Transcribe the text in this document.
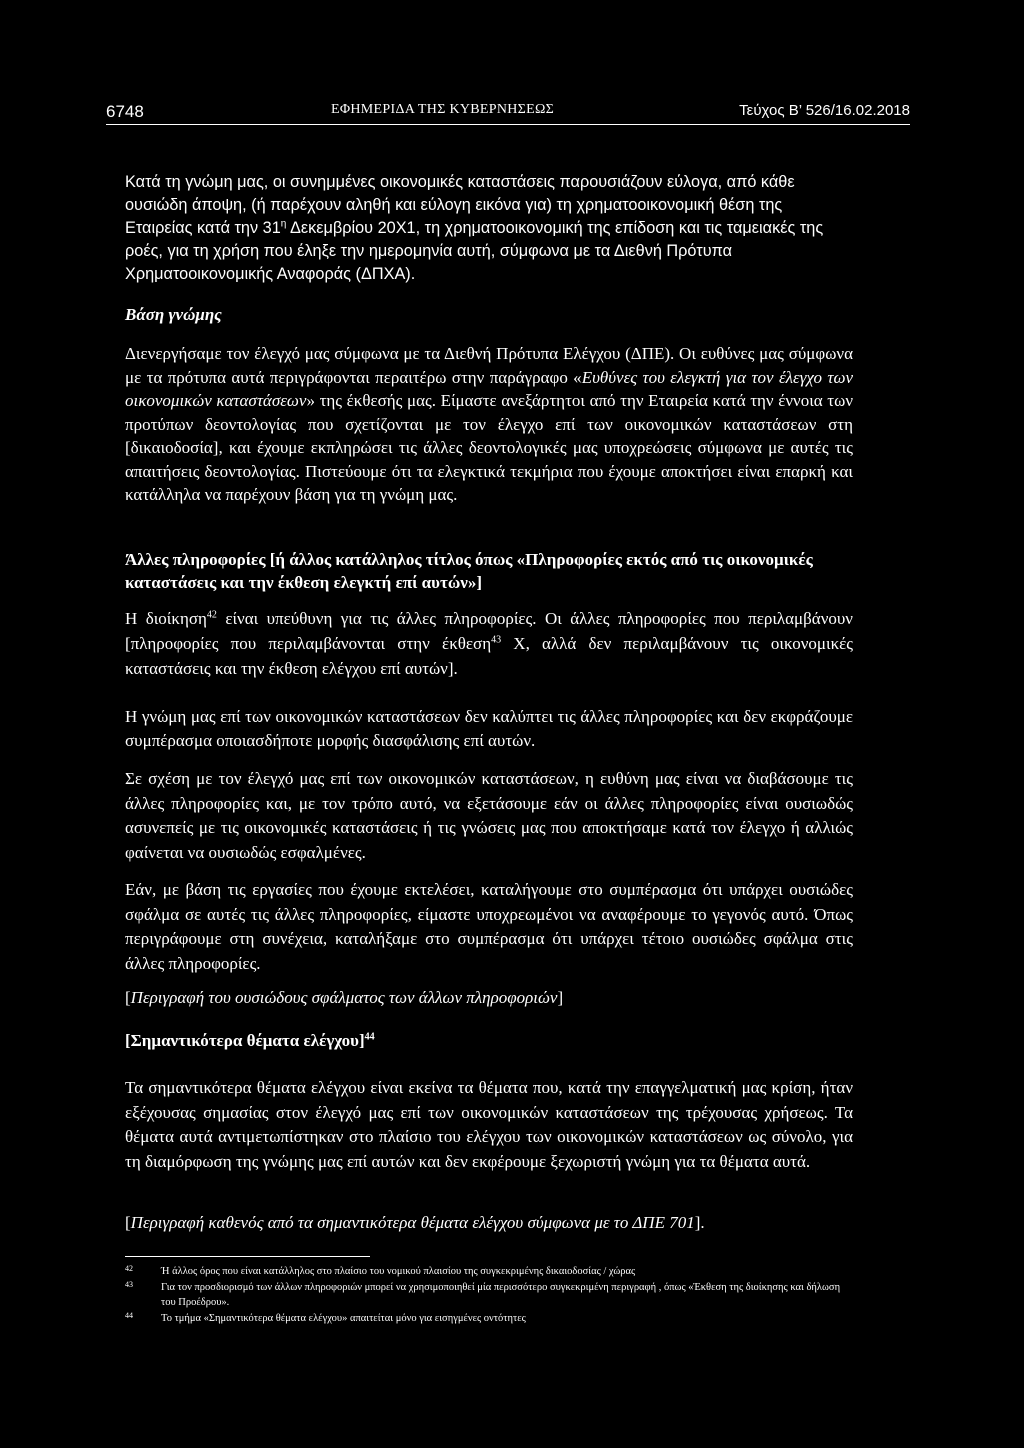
6748	ΕΦΗΜΕΡΙΔΑ ΤΗΣ ΚΥΒΕΡΝΗΣΕΩΣ	Τεύχος Β’ 526/16.02.2018

Κατά τη γνώμη μας, οι συνημμένες οικονομικές καταστάσεις παρουσιάζουν εύλογα, από κάθε ουσιώδη άποψη, (ή παρέχουν αληθή και εύλογη εικόνα για) τη χρηματοοικονομική θέση της Εταιρείας κατά την $31^\eta$ Δεκεμβρίου 20Χ1, τη χρηματοοικονομική της επίδοση και τις ταμειακές της ροές, για τη χρήση που έληξε την ημερομηνία αυτή, σύμφωνα με τα Διεθνή Πρότυπα Χρηματοοικονομικής Αναφοράς (ΔΠΧΑ).

Βάση γνώμης

Διενεργήσαμε τον έλεγχό μας σύμφωνα με τα Διεθνή Πρότυπα Ελέγχου (ΔΠΕ). Οι ευθύνες μας σύμφωνα με τα πρότυπα αυτά περιγράφονται περαιτέρω στην παράγραφο «Ευθύνες του ελεγκτή για τον έλεγχο των οικονομικών καταστάσεων» της έκθεσής μας. Είμαστε ανεξάρτητοι από την Εταιρεία κατά την έννοια των προτύπων δεοντολογίας που σχετίζονται με τον έλεγχο επί των οικονομικών καταστάσεων στη [δικαιοδοσία], και έχουμε εκπληρώσει τις άλλες δεοντολογικές μας υποχρεώσεις σύμφωνα με αυτές τις απαιτήσεις δεοντολογίας. Πιστεύουμε ότι τα ελεγκτικά τεκμήρια που έχουμε αποκτήσει είναι επαρκή και κατάλληλα να παρέχουν βάση για τη γνώμη μας.

Άλλες πληροφορίες [ή άλλος κατάλληλος τίτλος όπως «Πληροφορίες εκτός από τις οικονομικές καταστάσεις και την έκθεση ελεγκτή επί αυτών»]

Η διοίκηση$^{42}$ είναι υπεύθυνη για τις άλλες πληροφορίες. Οι άλλες πληροφορίες που περιλαμβάνουν [πληροφορίες που περιλαμβάνονται στην έκθεση$^{43}$ Χ, αλλά δεν περιλαμβάνουν τις οικονομικές καταστάσεις και την έκθεση ελέγχου επί αυτών].

Η γνώμη μας επί των οικονομικών καταστάσεων δεν καλύπτει τις άλλες πληροφορίες και δεν εκφράζουμε συμπέρασμα οποιασδήποτε μορφής διασφάλισης επί αυτών.
Σε σχέση με τον έλεγχό μας επί των οικονομικών καταστάσεων, η ευθύνη μας είναι να διαβάσουμε τις άλλες πληροφορίες και, με τον τρόπο αυτό, να εξετάσουμε εάν οι άλλες πληροφορίες είναι ουσιωδώς ασυνεπείς με τις οικονομικές καταστάσεις ή τις γνώσεις μας που αποκτήσαμε κατά τον έλεγχο ή αλλιώς φαίνεται να ουσιωδώς εσφαλμένες.
Εάν, με βάση τις εργασίες που έχουμε εκτελέσει, καταλήγουμε στο συμπέρασμα ότι υπάρχει ουσιώδες σφάλμα σε αυτές τις άλλες πληροφορίες, είμαστε υποχρεωμένοι να αναφέρουμε το γεγονός αυτό. Όπως περιγράφουμε στη συνέχεια, καταλήξαμε στο συμπέρασμα ότι υπάρχει τέτοιο ουσιώδες σφάλμα στις άλλες πληροφορίες.
[Περιγραφή του ουσιώδους σφάλματος των άλλων πληροφοριών]
[Σημαντικότερα θέματα ελέγχου]$^{44}$
Τα σημαντικότερα θέματα ελέγχου είναι εκείνα τα θέματα που, κατά την επαγγελματική μας κρίση, ήταν εξέχουσας σημασίας στον έλεγχό μας επί των οικονομικών καταστάσεων της τρέχουσας χρήσεως. Τα θέματα αυτά αντιμετωπίστηκαν στο πλαίσιο του ελέγχου των οικονομικών καταστάσεων ως σύνολο, για τη διαμόρφωση της γνώμης μας επί αυτών και δεν εκφέρουμε ξεχωριστή γνώμη για τα θέματα αυτά.
[Περιγραφή καθενός από τα σημαντικότερα θέματα ελέγχου σύμφωνα με το ΔΠΕ 701].
42	Ή άλλος όρος που είναι κατάλληλος στο πλαίσιο του νομικού πλαισίου της συγκεκριμένης δικαιοδοσίας / χώρας
43	Για τον προσδιορισμό των άλλων πληροφοριών μπορεί να χρησιμοποιηθεί μία περισσότερο συγκεκριμένη περιγραφή , όπως «Έκθεση της διοίκησης και δήλωση του Προέδρου».
44	Το τμήμα «Σημαντικότερα θέματα ελέγχου» απαιτείται μόνο για εισηγμένες οντότητες
